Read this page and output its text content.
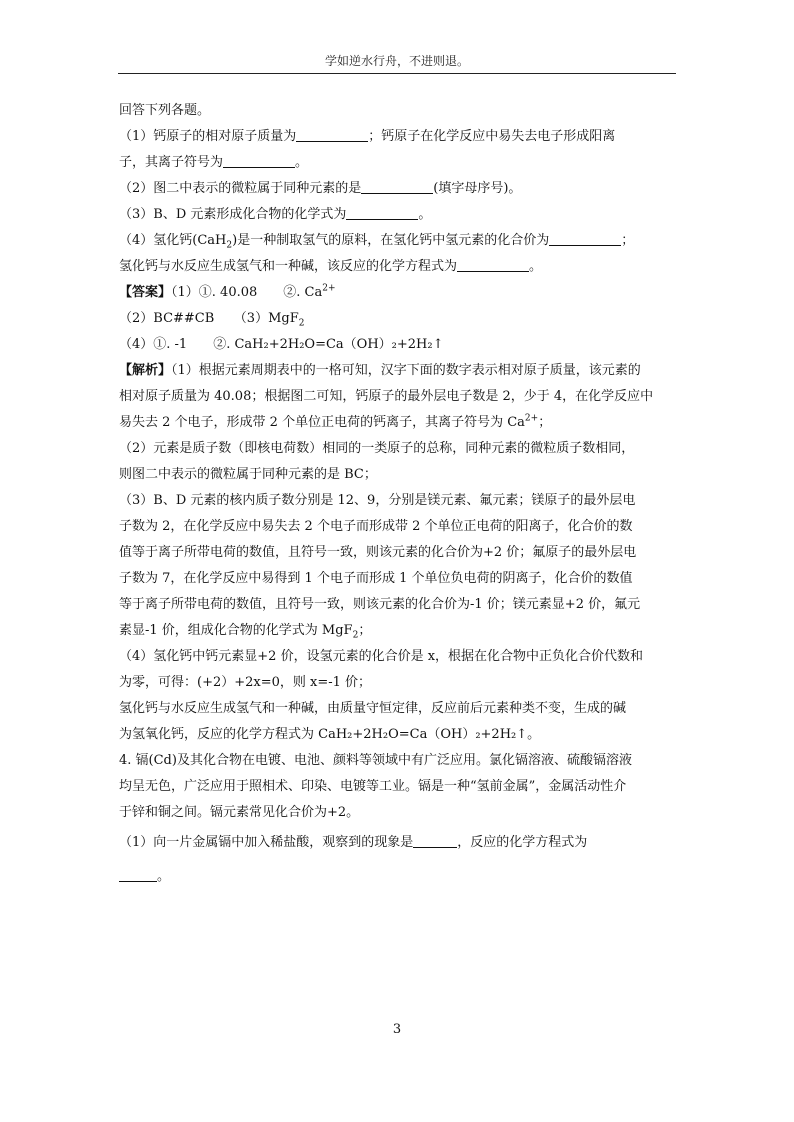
学如逆水行舟，不进则退。

回答下列各题。

（1）钙原子的相对原子质量为	；钙原子在化学反应中易失去电子形成阳离

子，其离子符号为	。

（2）图二中表示的微粒属于同种元素的是	(填字母序号)。

（3）B、D 元素形成化合物的化学式为	。

（4）氢化钙(CaH$_2$)是一种制取氢气的原料，在氢化钙中氢元素的化合价为	；

氢化钙与水反应生成氢气和一种碱，该反应的化学方程式为	。

【答案】（1）①. 40.08　　②. $Ca^{2+}$

（2）BC##CB　　（3）MgF$_2$

（4）①. -1　　②. CaH₂+2H₂O=Ca（OH）₂+2H₂↑

【解析】（1）根据元素周期表中的一格可知，汉字下面的数字表示相对原子质量，该元素的

相对原子质量为 40.08；根据图二可知，钙原子的最外层电子数是 2，少于 4，在化学反应中

易失去 2 个电子，形成带 2 个单位正电荷的钙离子，其离子符号为 $Ca^{2+}$；

（2）元素是质子数（即核电荷数）相同的一类原子的总称，同种元素的微粒质子数相同，

则图二中表示的微粒属于同种元素的是 BC；

（3）B、D 元素的核内质子数分别是 12、9，分别是镁元素、氟元素；镁原子的最外层电

子数为 2，在化学反应中易失去 2 个电子而形成带 2 个单位正电荷的阳离子，化合价的数

值等于离子所带电荷的数值，且符号一致，则该元素的化合价为+2 价；氟原子的最外层电

子数为 7，在化学反应中易得到 1 个电子而形成 1 个单位负电荷的阴离子，化合价的数值

等于离子所带电荷的数值，且符号一致，则该元素的化合价为-1 价；镁元素显+2 价，氟元

素显-1 价，组成化合物的化学式为 MgF$_2$；

（4）氢化钙中钙元素显+2 价，设氢元素的化合价是 x，根据在化合物中正负化合价代数和

为零，可得：(+2）+2x=0，则 x=-1 价；

氢化钙与水反应生成氢气和一种碱，由质量守恒定律，反应前后元素种类不变，生成的碱

为氢氧化钙，反应的化学方程式为 CaH₂+2H₂O=Ca（OH）₂+2H₂↑。

4. 镉(Cd)及其化合物在电镀、电池、颜料等领域中有广泛应用。氯化镉溶液、硫酸镉溶液

均呈无色，广泛应用于照相术、印染、电镀等工业。镉是一种“氢前金属”，金属活动性介

于锌和铜之间。镉元素常见化合价为+2。

（1）向一片金属镉中加入稀盐酸，观察到的现象是	，反应的化学方程式为

。

3
